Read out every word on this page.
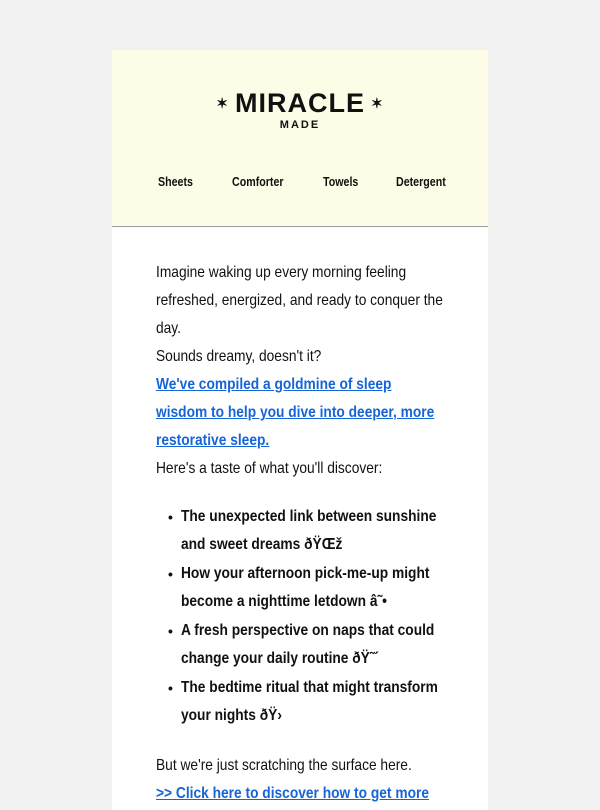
✶ MIRACLE ✶
MADE
Sheets	Comforter	Towels	Detergent

Imagine waking up every morning feeling refreshed, energized, and ready to conquer the day.

Sounds dreamy, doesn't it?

We've compiled a goldmine of sleep wisdom to help you dive into deeper, more restorative sleep.

Here's a taste of what you'll discover:

• The unexpected link between sunshine and sweet dreams ðŸŒž
• How your afternoon pick-me-up might become a nighttime letdown â˜•
• A fresh perspective on naps that could change your daily routine ðŸ˜´
• The bedtime ritual that might transform your nights ðŸ›

But we're just scratching the surface here.

>> Click here to discover how to get more
